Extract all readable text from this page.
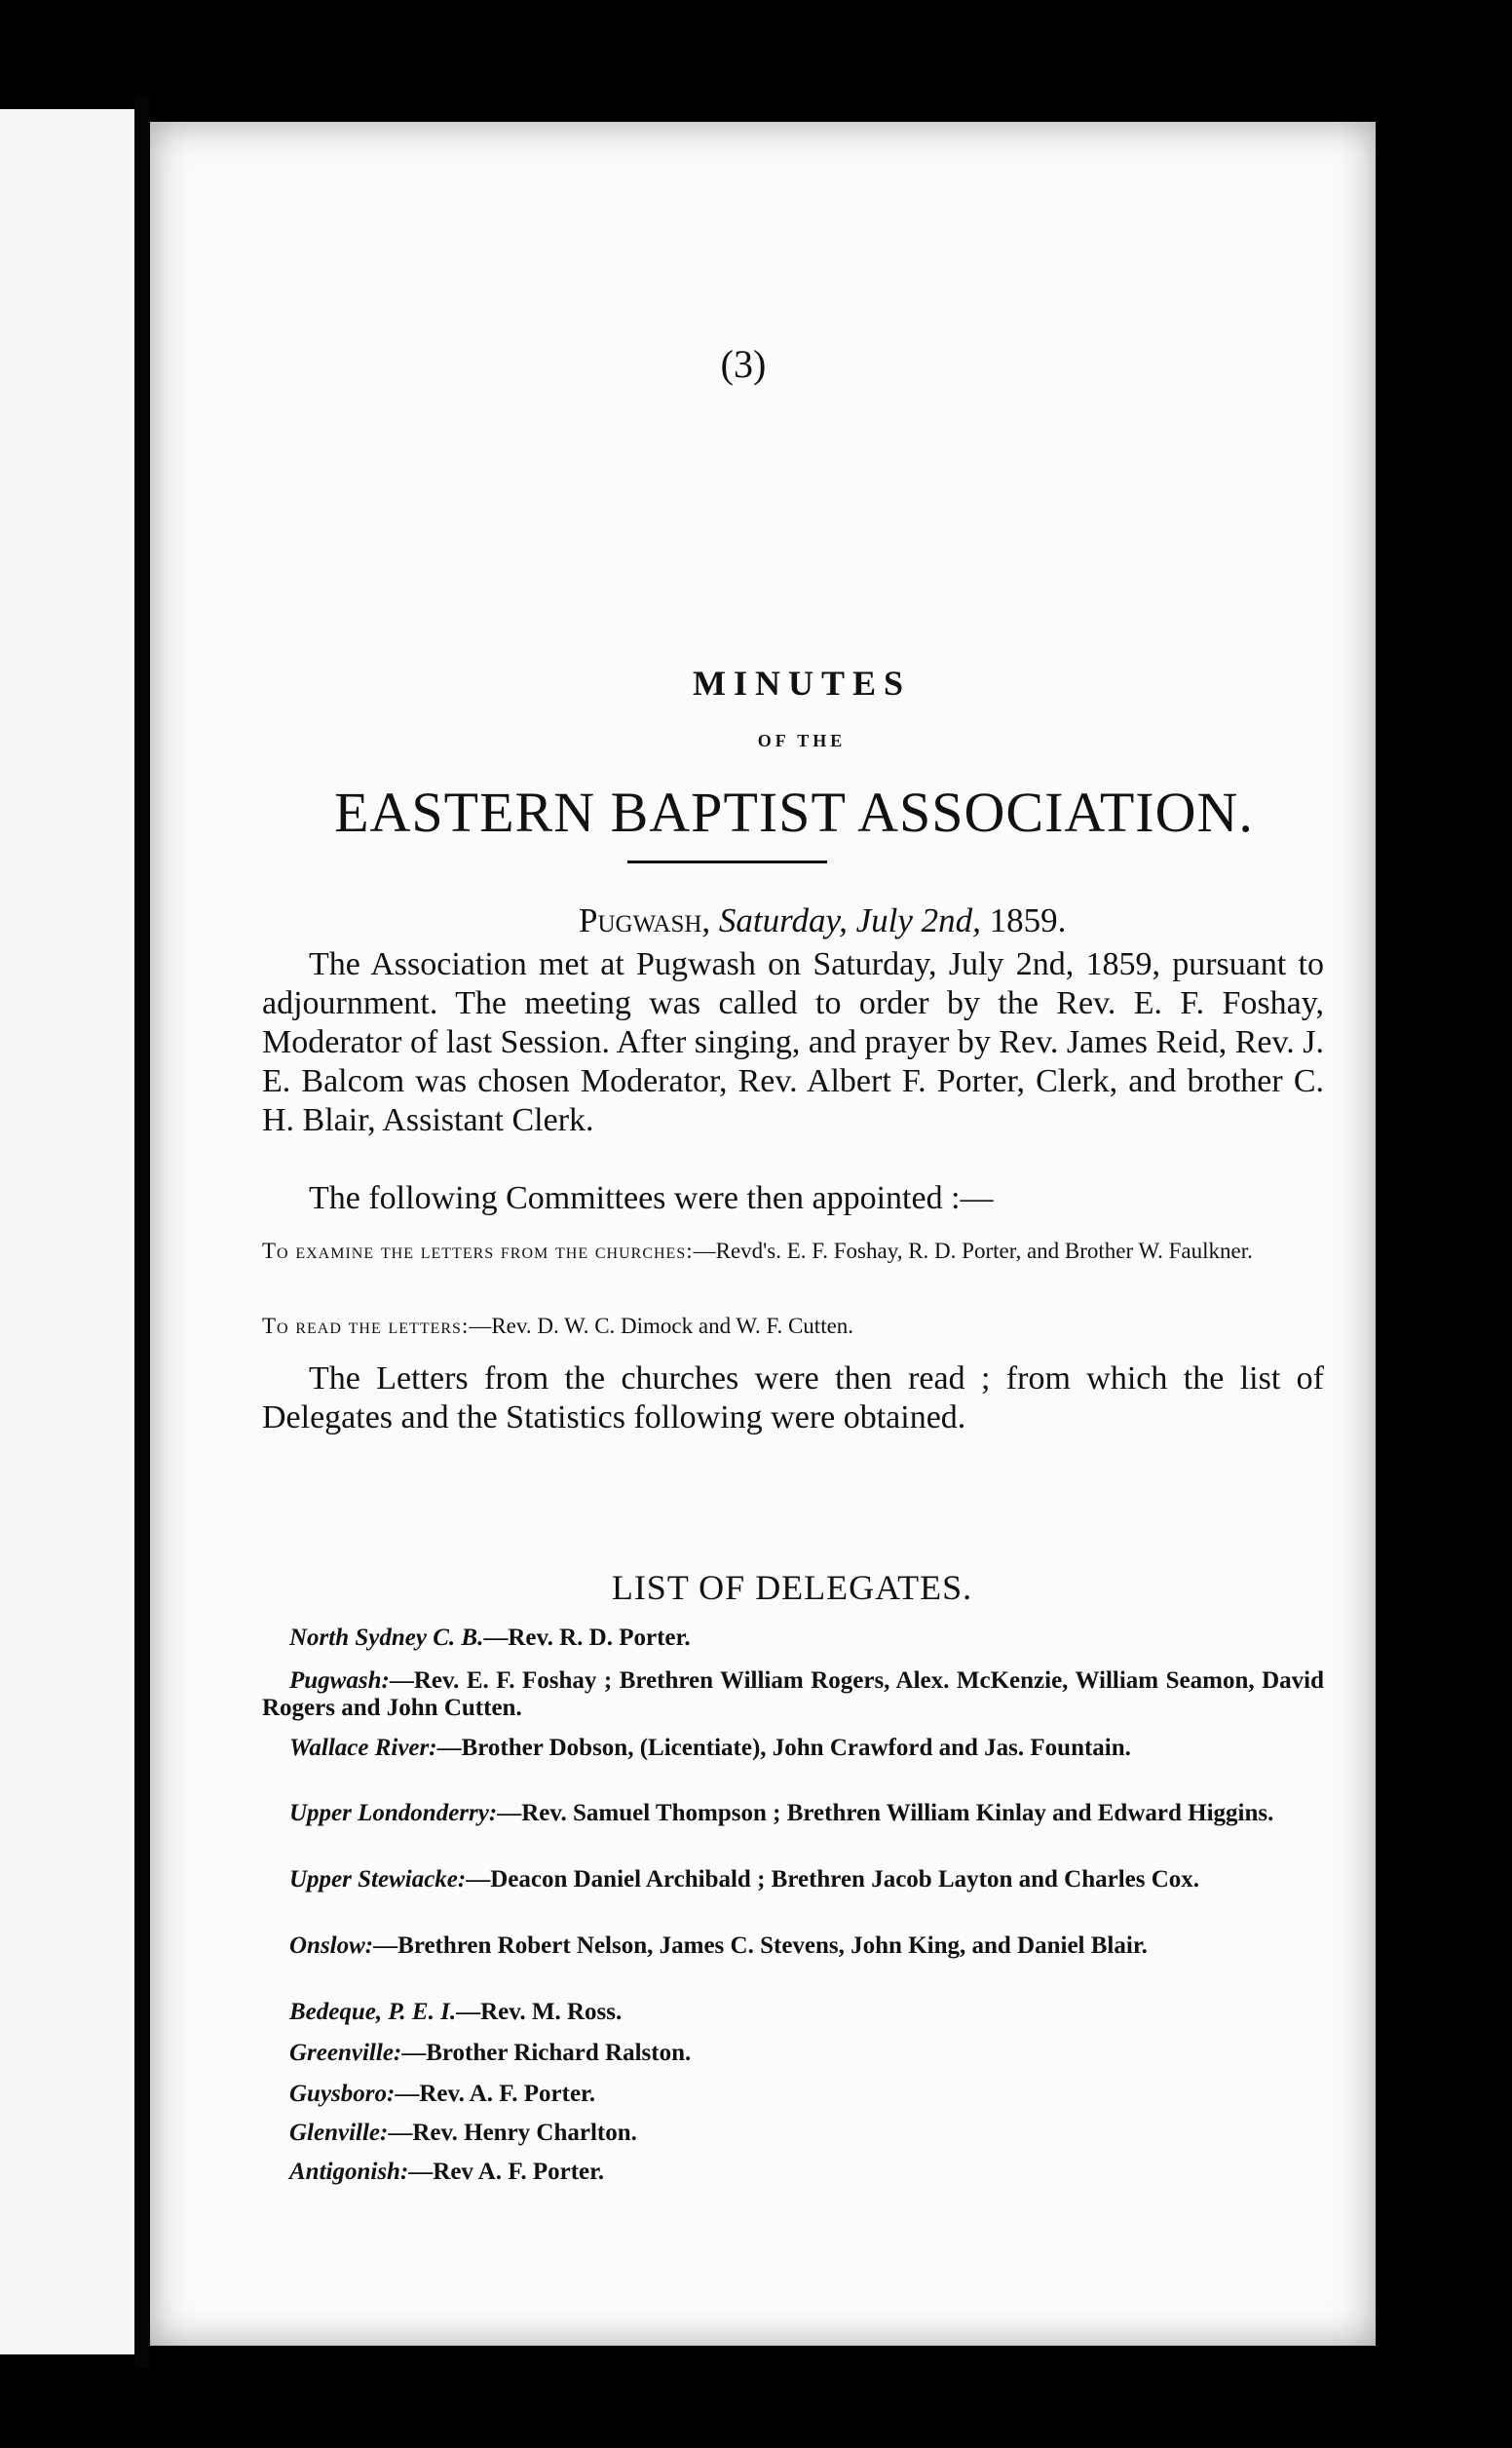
(3)
MINUTES
OF THE
EASTERN BAPTIST ASSOCIATION.
Pugwash, Saturday, July 2nd, 1859.
The Association met at Pugwash on Saturday, July 2nd, 1859, pursuant to adjournment. The meeting was called to order by the Rev. E. F. Foshay, Moderator of last Session. After singing, and prayer by Rev. James Reid, Rev. J. E. Balcom was chosen Moderator, Rev. Albert F. Porter, Clerk, and brother C. H. Blair, Assistant Clerk.
The following Committees were then appointed :—
To examine the letters from the churches:—Revd's. E. F. Foshay, R. D. Porter, and Brother W. Faulkner.
To read the letters:—Rev. D. W. C. Dimock and W. F. Cutten.
The Letters from the churches were then read ; from which the list of Delegates and the Statistics following were obtained.
LIST OF DELEGATES.
North Sydney C. B.—Rev. R. D. Porter.
Pugwash:—Rev. E. F. Foshay ; Brethren William Rogers, Alex. McKenzie, William Seamon, David Rogers and John Cutten.
Wallace River:—Brother Dobson, (Licentiate), John Crawford and Jas. Fountain.
Upper Londonderry:—Rev. Samuel Thompson ; Brethren William Kinlay and Edward Higgins.
Upper Stewiacke:—Deacon Daniel Archibald ; Brethren Jacob Layton and Charles Cox.
Onslow:—Brethren Robert Nelson, James C. Stevens, John King, and Daniel Blair.
Bedeque, P. E. I.—Rev. M. Ross.
Greenville:—Brother Richard Ralston.
Guysboro:—Rev. A. F. Porter.
Glenville:—Rev. Henry Charlton.
Antigonish:—Rev A. F. Porter.
